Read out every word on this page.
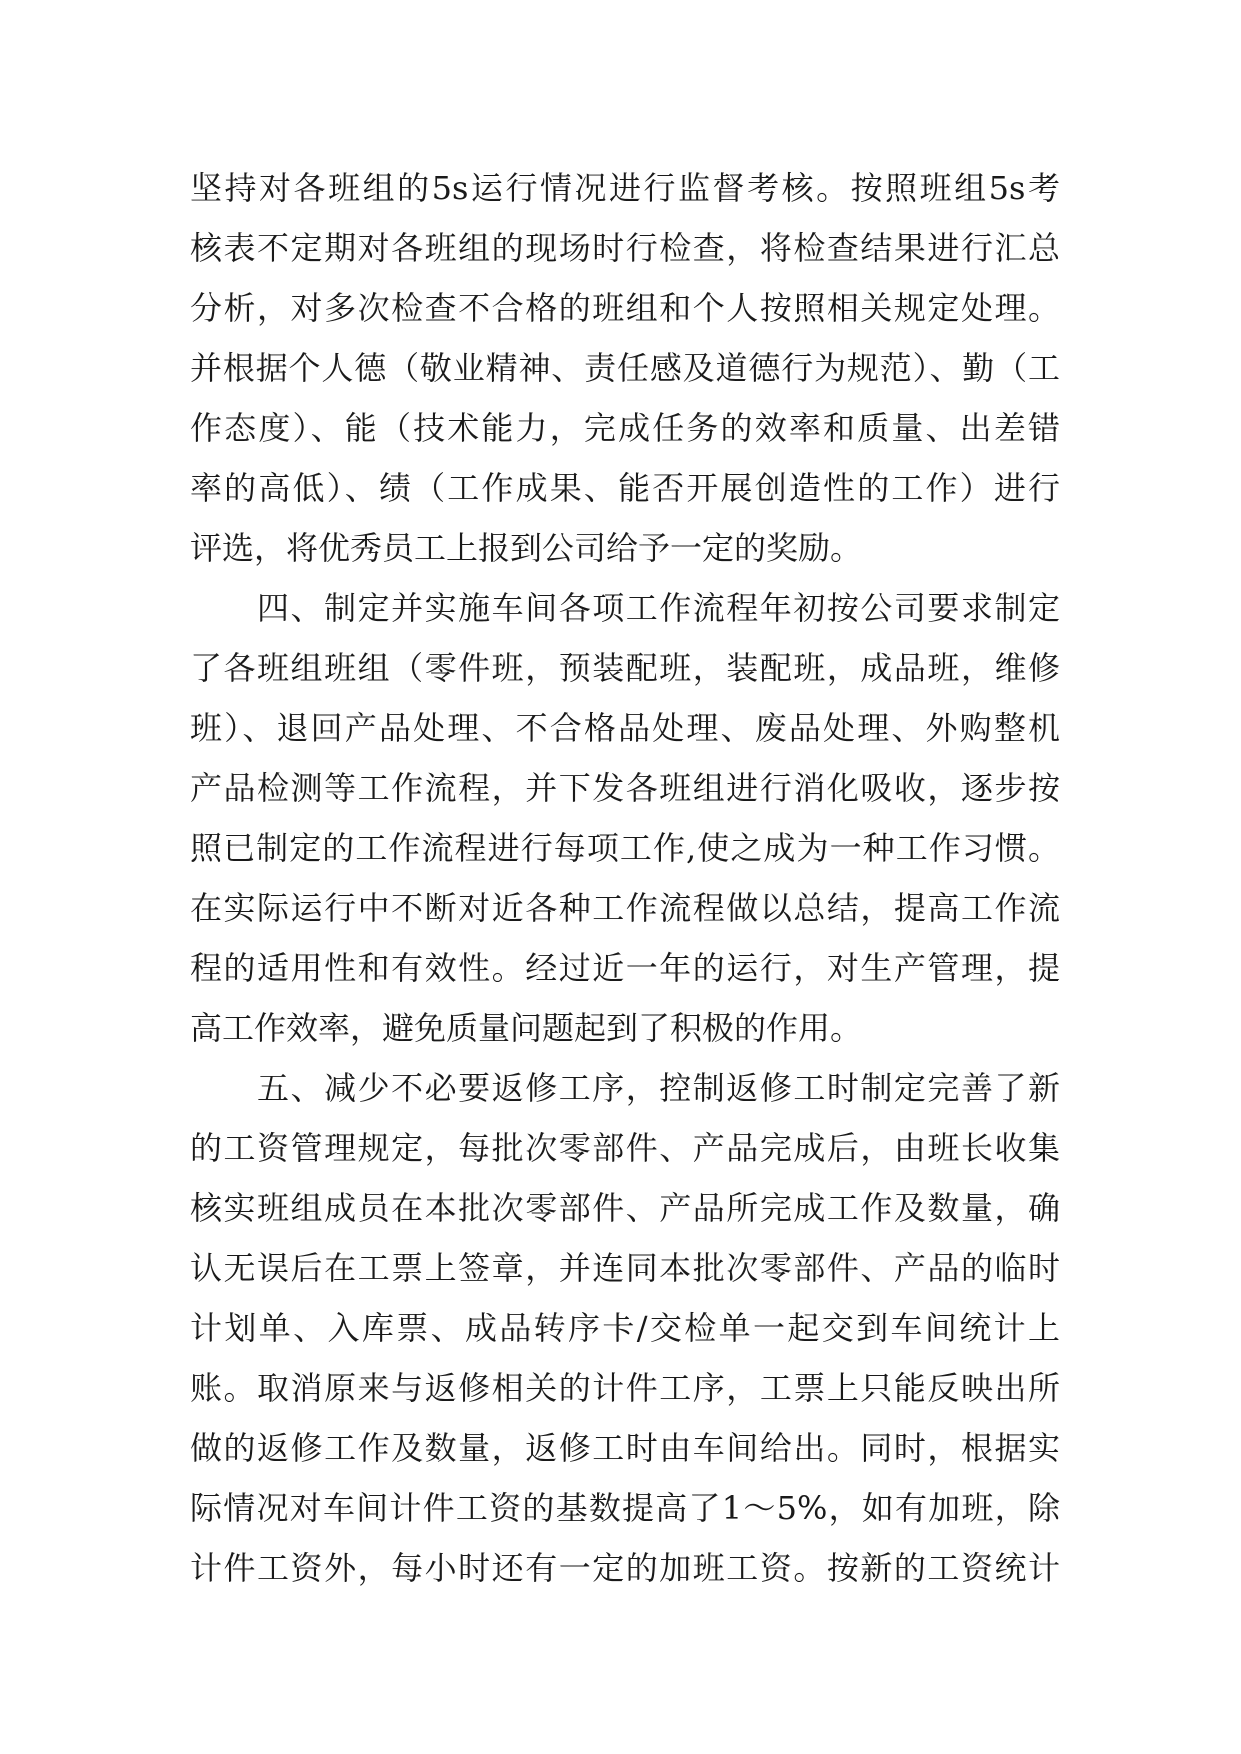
坚持对各班组的5s运行情况进行监督考核。按照班组5s考
核表不定期对各班组的现场时行检查，将检查结果进行汇总
分析，对多次检查不合格的班组和个人按照相关规定处理。
并根据个人德（敬业精神、责任感及道德行为规范）、勤（工
作态度）、能（技术能力，完成任务的效率和质量、出差错
率的高低）、绩（工作成果、能否开展创造性的工作）进行
评选，将优秀员工上报到公司给予一定的奖励。
　　四、制定并实施车间各项工作流程年初按公司要求制定
了各班组班组（零件班，预装配班，装配班，成品班，维修
班）、退回产品处理、不合格品处理、废品处理、外购整机
产品检测等工作流程，并下发各班组进行消化吸收，逐步按
照已制定的工作流程进行每项工作,使之成为一种工作习惯。
在实际运行中不断对近各种工作流程做以总结，提高工作流
程的适用性和有效性。经过近一年的运行，对生产管理，提
高工作效率，避免质量问题起到了积极的作用。
　　五、减少不必要返修工序，控制返修工时制定完善了新
的工资管理规定，每批次零部件、产品完成后，由班长收集
核实班组成员在本批次零部件、产品所完成工作及数量，确
认无误后在工票上签章，并连同本批次零部件、产品的临时
计划单、入库票、成品转序卡/交检单一起交到车间统计上
账。取消原来与返修相关的计件工序，工票上只能反映出所
做的返修工作及数量，返修工时由车间给出。同时，根据实
际情况对车间计件工资的基数提高了1～5%，如有加班，除
计件工资外，每小时还有一定的加班工资。按新的工资统计
